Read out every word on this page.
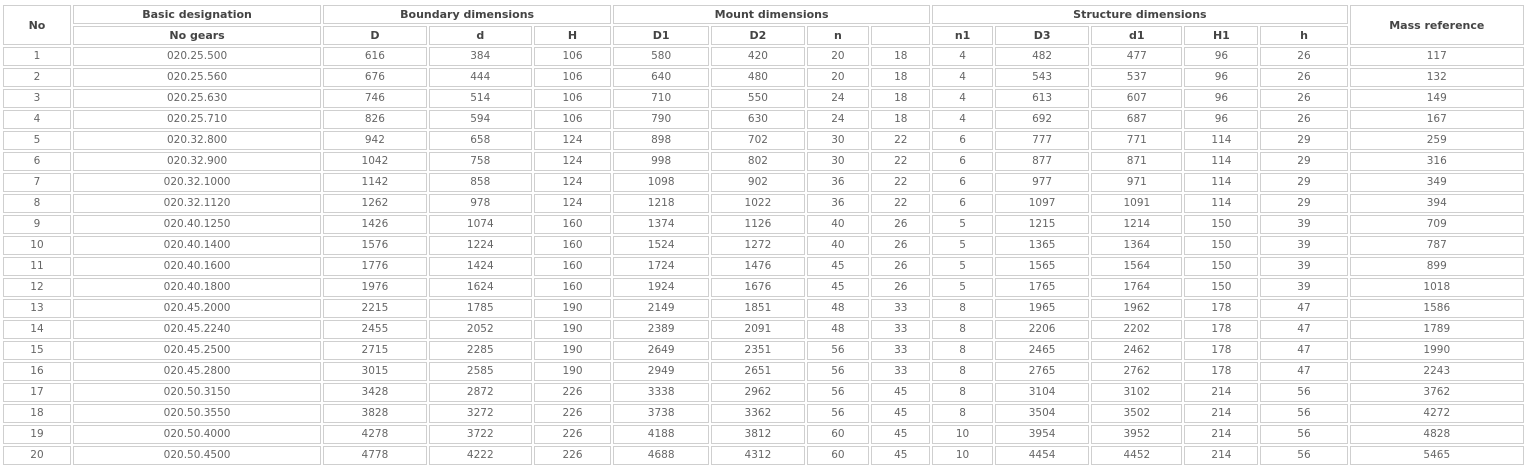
No	Basic designation	Boundary dimensions			Mount dimensions				Structure dimensions					Mass reference
	No gears	D	d	H	D1	D2	n		n1	D3	d1	H1	h	
1	020.25.500	616	384	106	580	420	20	18	4	482	477	96	26	117
2	020.25.560	676	444	106	640	480	20	18	4	543	537	96	26	132
3	020.25.630	746	514	106	710	550	24	18	4	613	607	96	26	149
4	020.25.710	826	594	106	790	630	24	18	4	692	687	96	26	167
5	020.32.800	942	658	124	898	702	30	22	6	777	771	114	29	259
6	020.32.900	1042	758	124	998	802	30	22	6	877	871	114	29	316
7	020.32.1000	1142	858	124	1098	902	36	22	6	977	971	114	29	349
8	020.32.1120	1262	978	124	1218	1022	36	22	6	1097	1091	114	29	394
9	020.40.1250	1426	1074	160	1374	1126	40	26	5	1215	1214	150	39	709
10	020.40.1400	1576	1224	160	1524	1272	40	26	5	1365	1364	150	39	787
11	020.40.1600	1776	1424	160	1724	1476	45	26	5	1565	1564	150	39	899
12	020.40.1800	1976	1624	160	1924	1676	45	26	5	1765	1764	150	39	1018
13	020.45.2000	2215	1785	190	2149	1851	48	33	8	1965	1962	178	47	1586
14	020.45.2240	2455	2052	190	2389	2091	48	33	8	2206	2202	178	47	1789
15	020.45.2500	2715	2285	190	2649	2351	56	33	8	2465	2462	178	47	1990
16	020.45.2800	3015	2585	190	2949	2651	56	33	8	2765	2762	178	47	2243
17	020.50.3150	3428	2872	226	3338	2962	56	45	8	3104	3102	214	56	3762
18	020.50.3550	3828	3272	226	3738	3362	56	45	8	3504	3502	214	56	4272
19	020.50.4000	4278	3722	226	4188	3812	60	45	10	3954	3952	214	56	4828
20	020.50.4500	4778	4222	226	4688	4312	60	45	10	4454	4452	214	56	5465
